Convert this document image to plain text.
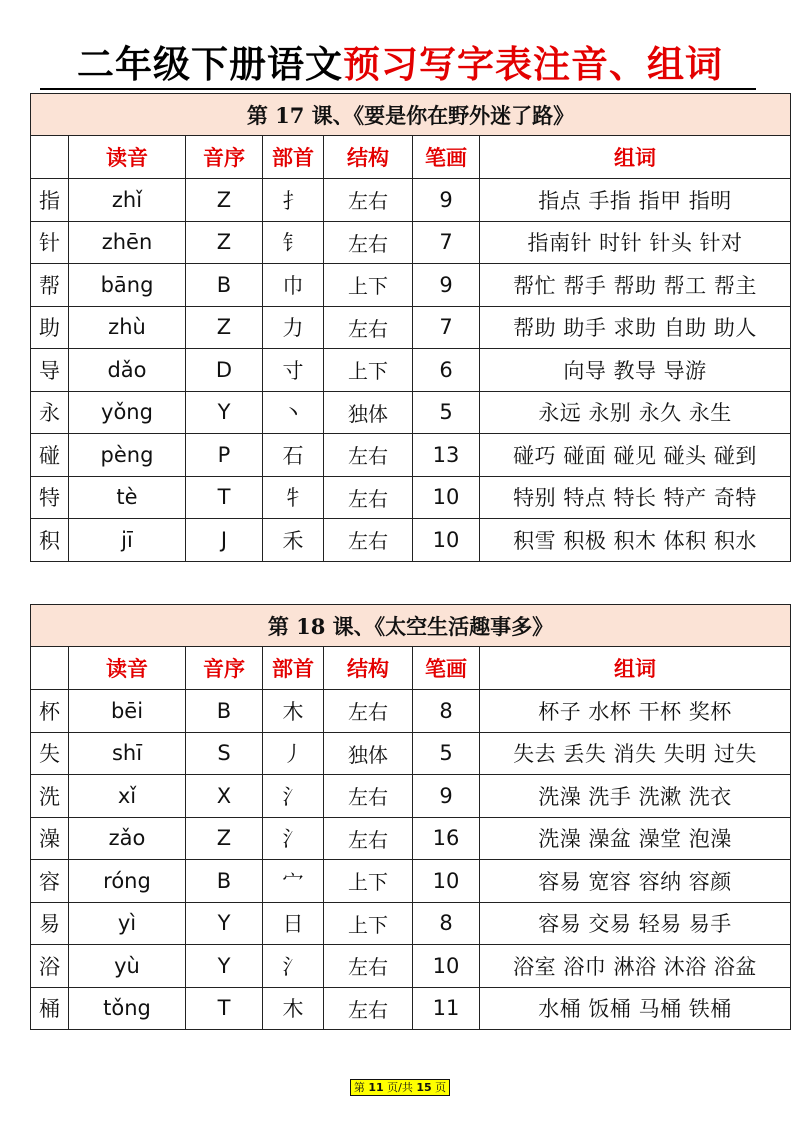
二年级下册语文预习写字表注音、组词
第 17 课、《要是你在野外迷了路》						
	读音	音序	部首	结构	笔画	组词
指	zhǐ	Z	扌	左右	9	指点 手指 指甲 指明
针	zhēn	Z	钅	左右	7	指南针 时针 针头 针对
帮	bāng	B	巾	上下	9	帮忙 帮手 帮助 帮工 帮主
助	zhù	Z	力	左右	7	帮助 助手 求助 自助 助人
导	dǎo	D	寸	上下	6	向导 教导 导游
永	yǒng	Y	丶	独体	5	永远 永别 永久 永生
碰	pèng	P	石	左右	13	碰巧 碰面 碰见 碰头 碰到
特	tè	T	牜	左右	10	特别 特点 特长 特产 奇特
积	jī	J	禾	左右	10	积雪 积极 积木 体积 积水
第 18 课、《太空生活趣事多》						
	读音	音序	部首	结构	笔画	组词
杯	bēi	B	木	左右	8	杯子 水杯 干杯 奖杯
失	shī	S	丿	独体	5	失去 丢失 消失 失明 过失
洗	xǐ	X	氵	左右	9	洗澡 洗手 洗漱 洗衣
澡	zǎo	Z	氵	左右	16	洗澡 澡盆 澡堂 泡澡
容	róng	B	宀	上下	10	容易 宽容 容纳 容颜
易	yì	Y	日	上下	8	容易 交易 轻易 易手
浴	yù	Y	氵	左右	10	浴室 浴巾 淋浴 沐浴 浴盆
桶	tǒng	T	木	左右	11	水桶 饭桶 马桶 铁桶
第 11 页/共 15 页
